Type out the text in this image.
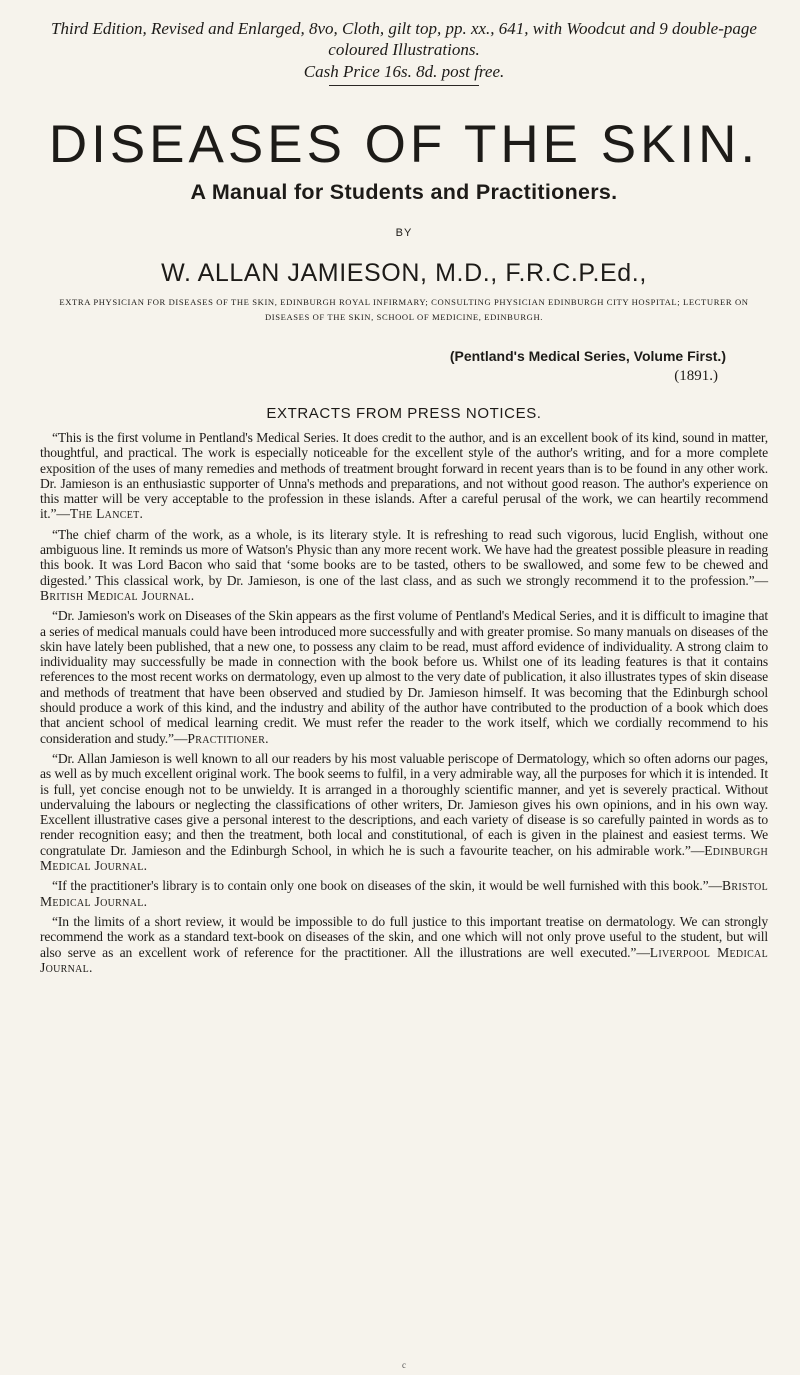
Third Edition, Revised and Enlarged, 8vo, Cloth, gilt top, pp. xx., 641, with Woodcut and 9 double-page coloured Illustrations.
Cash Price 16s. 8d. post free.
DISEASES OF THE SKIN.
A Manual for Students and Practitioners.
BY
W. ALLAN JAMIESON, M.D., F.R.C.P.Ed.,
EXTRA PHYSICIAN FOR DISEASES OF THE SKIN, EDINBURGH ROYAL INFIRMARY; CONSULTING PHYSICIAN EDINBURGH CITY HOSPITAL; LECTURER ON DISEASES OF THE SKIN, SCHOOL OF MEDICINE, EDINBURGH.
(Pentland's Medical Series, Volume First.)
(1891.)
EXTRACTS FROM PRESS NOTICES.

“This is the first volume in Pentland's Medical Series. It does credit to the author, and is an excellent book of its kind, sound in matter, thoughtful, and practical. The work is especially noticeable for the excellent style of the author's writing, and for a more complete exposition of the uses of many remedies and methods of treatment brought forward in recent years than is to be found in any other work. Dr. Jamieson is an enthusiastic supporter of Unna's methods and preparations, and not without good reason. The author's experience on this matter will be very acceptable to the profession in these islands. After a careful perusal of the work, we can heartily recommend it.”—The Lancet.

“The chief charm of the work, as a whole, is its literary style. It is refreshing to read such vigorous, lucid English, without one ambiguous line. It reminds us more of Watson's Physic than any more recent work. We have had the greatest possible pleasure in reading this book. It was Lord Bacon who said that ‘some books are to be tasted, others to be swallowed, and some few to be chewed and digested.’ This classical work, by Dr. Jamieson, is one of the last class, and as such we strongly recommend it to the profession.”—British Medical Journal.

“Dr. Jamieson's work on Diseases of the Skin appears as the first volume of Pentland's Medical Series, and it is difficult to imagine that a series of medical manuals could have been introduced more successfully and with greater promise. So many manuals on diseases of the skin have lately been published, that a new one, to possess any claim to be read, must afford evidence of individuality. A strong claim to individuality may successfully be made in connection with the book before us. Whilst one of its leading features is that it contains references to the most recent works on dermatology, even up almost to the very date of publication, it also illustrates types of skin disease and methods of treatment that have been observed and studied by Dr. Jamieson himself. It was becoming that the Edinburgh school should produce a work of this kind, and the industry and ability of the author have contributed to the production of a book which does that ancient school of medical learning credit. We must refer the reader to the work itself, which we cordially recommend to his consideration and study.”—Practitioner.

“Dr. Allan Jamieson is well known to all our readers by his most valuable periscope of Dermatology, which so often adorns our pages, as well as by much excellent original work. The book seems to fulfil, in a very admirable way, all the purposes for which it is intended. It is full, yet concise enough not to be unwieldy. It is arranged in a thoroughly scientific manner, and yet is severely practical. Without undervaluing the labours or neglecting the classifications of other writers, Dr. Jamieson gives his own opinions, and in his own way. Excellent illustrative cases give a personal interest to the descriptions, and each variety of disease is so carefully painted in words as to render recognition easy; and then the treatment, both local and constitutional, of each is given in the plainest and easiest terms. We congratulate Dr. Jamieson and the Edinburgh School, in which he is such a favourite teacher, on his admirable work.”—Edinburgh Medical Journal.

“If the practitioner's library is to contain only one book on diseases of the skin, it would be well furnished with this book.”—Bristol Medical Journal.

“In the limits of a short review, it would be impossible to do full justice to this important treatise on dermatology. We can strongly recommend the work as a standard text-book on diseases of the skin, and one which will not only prove useful to the student, but will also serve as an excellent work of reference for the practitioner. All the illustrations are well executed.”—Liverpool Medical Journal.

c
